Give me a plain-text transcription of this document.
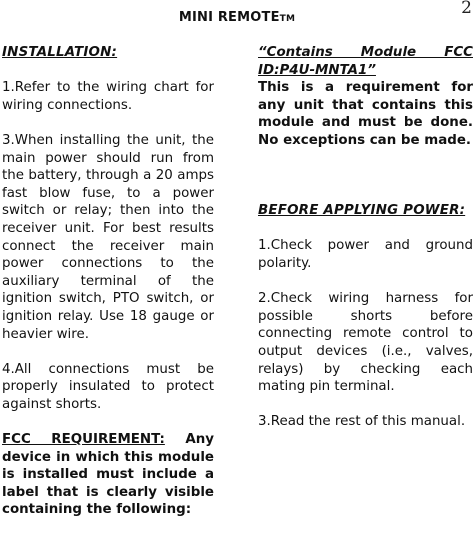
2
MINI REMOTETM

INSTALLATION:

1.Refer to the wiring chart for wiring connections.

3.When installing the unit, the main power should run from the battery, through a 20 amps fast blow fuse, to a power switch or relay; then into the receiver unit. For best results connect the receiver main power connections to the auxiliary terminal of the ignition switch, PTO switch, or ignition relay. Use 18 gauge or heavier wire.

4.All connections must be properly insulated to protect against shorts.

FCC REQUIREMENT: Any device in which this module is installed must include a label that is clearly visible containing the following:

“Contains Module FCC ID:P4U-MNTA1”

This is a requirement for any unit that contains this module and must be done. No exceptions can be made.

BEFORE APPLYING POWER:

1.Check power and ground polarity.

2.Check wiring harness for possible shorts before connecting remote control to output devices (i.e., valves, relays) by checking each mating pin terminal.

3.Read the rest of this manual.
